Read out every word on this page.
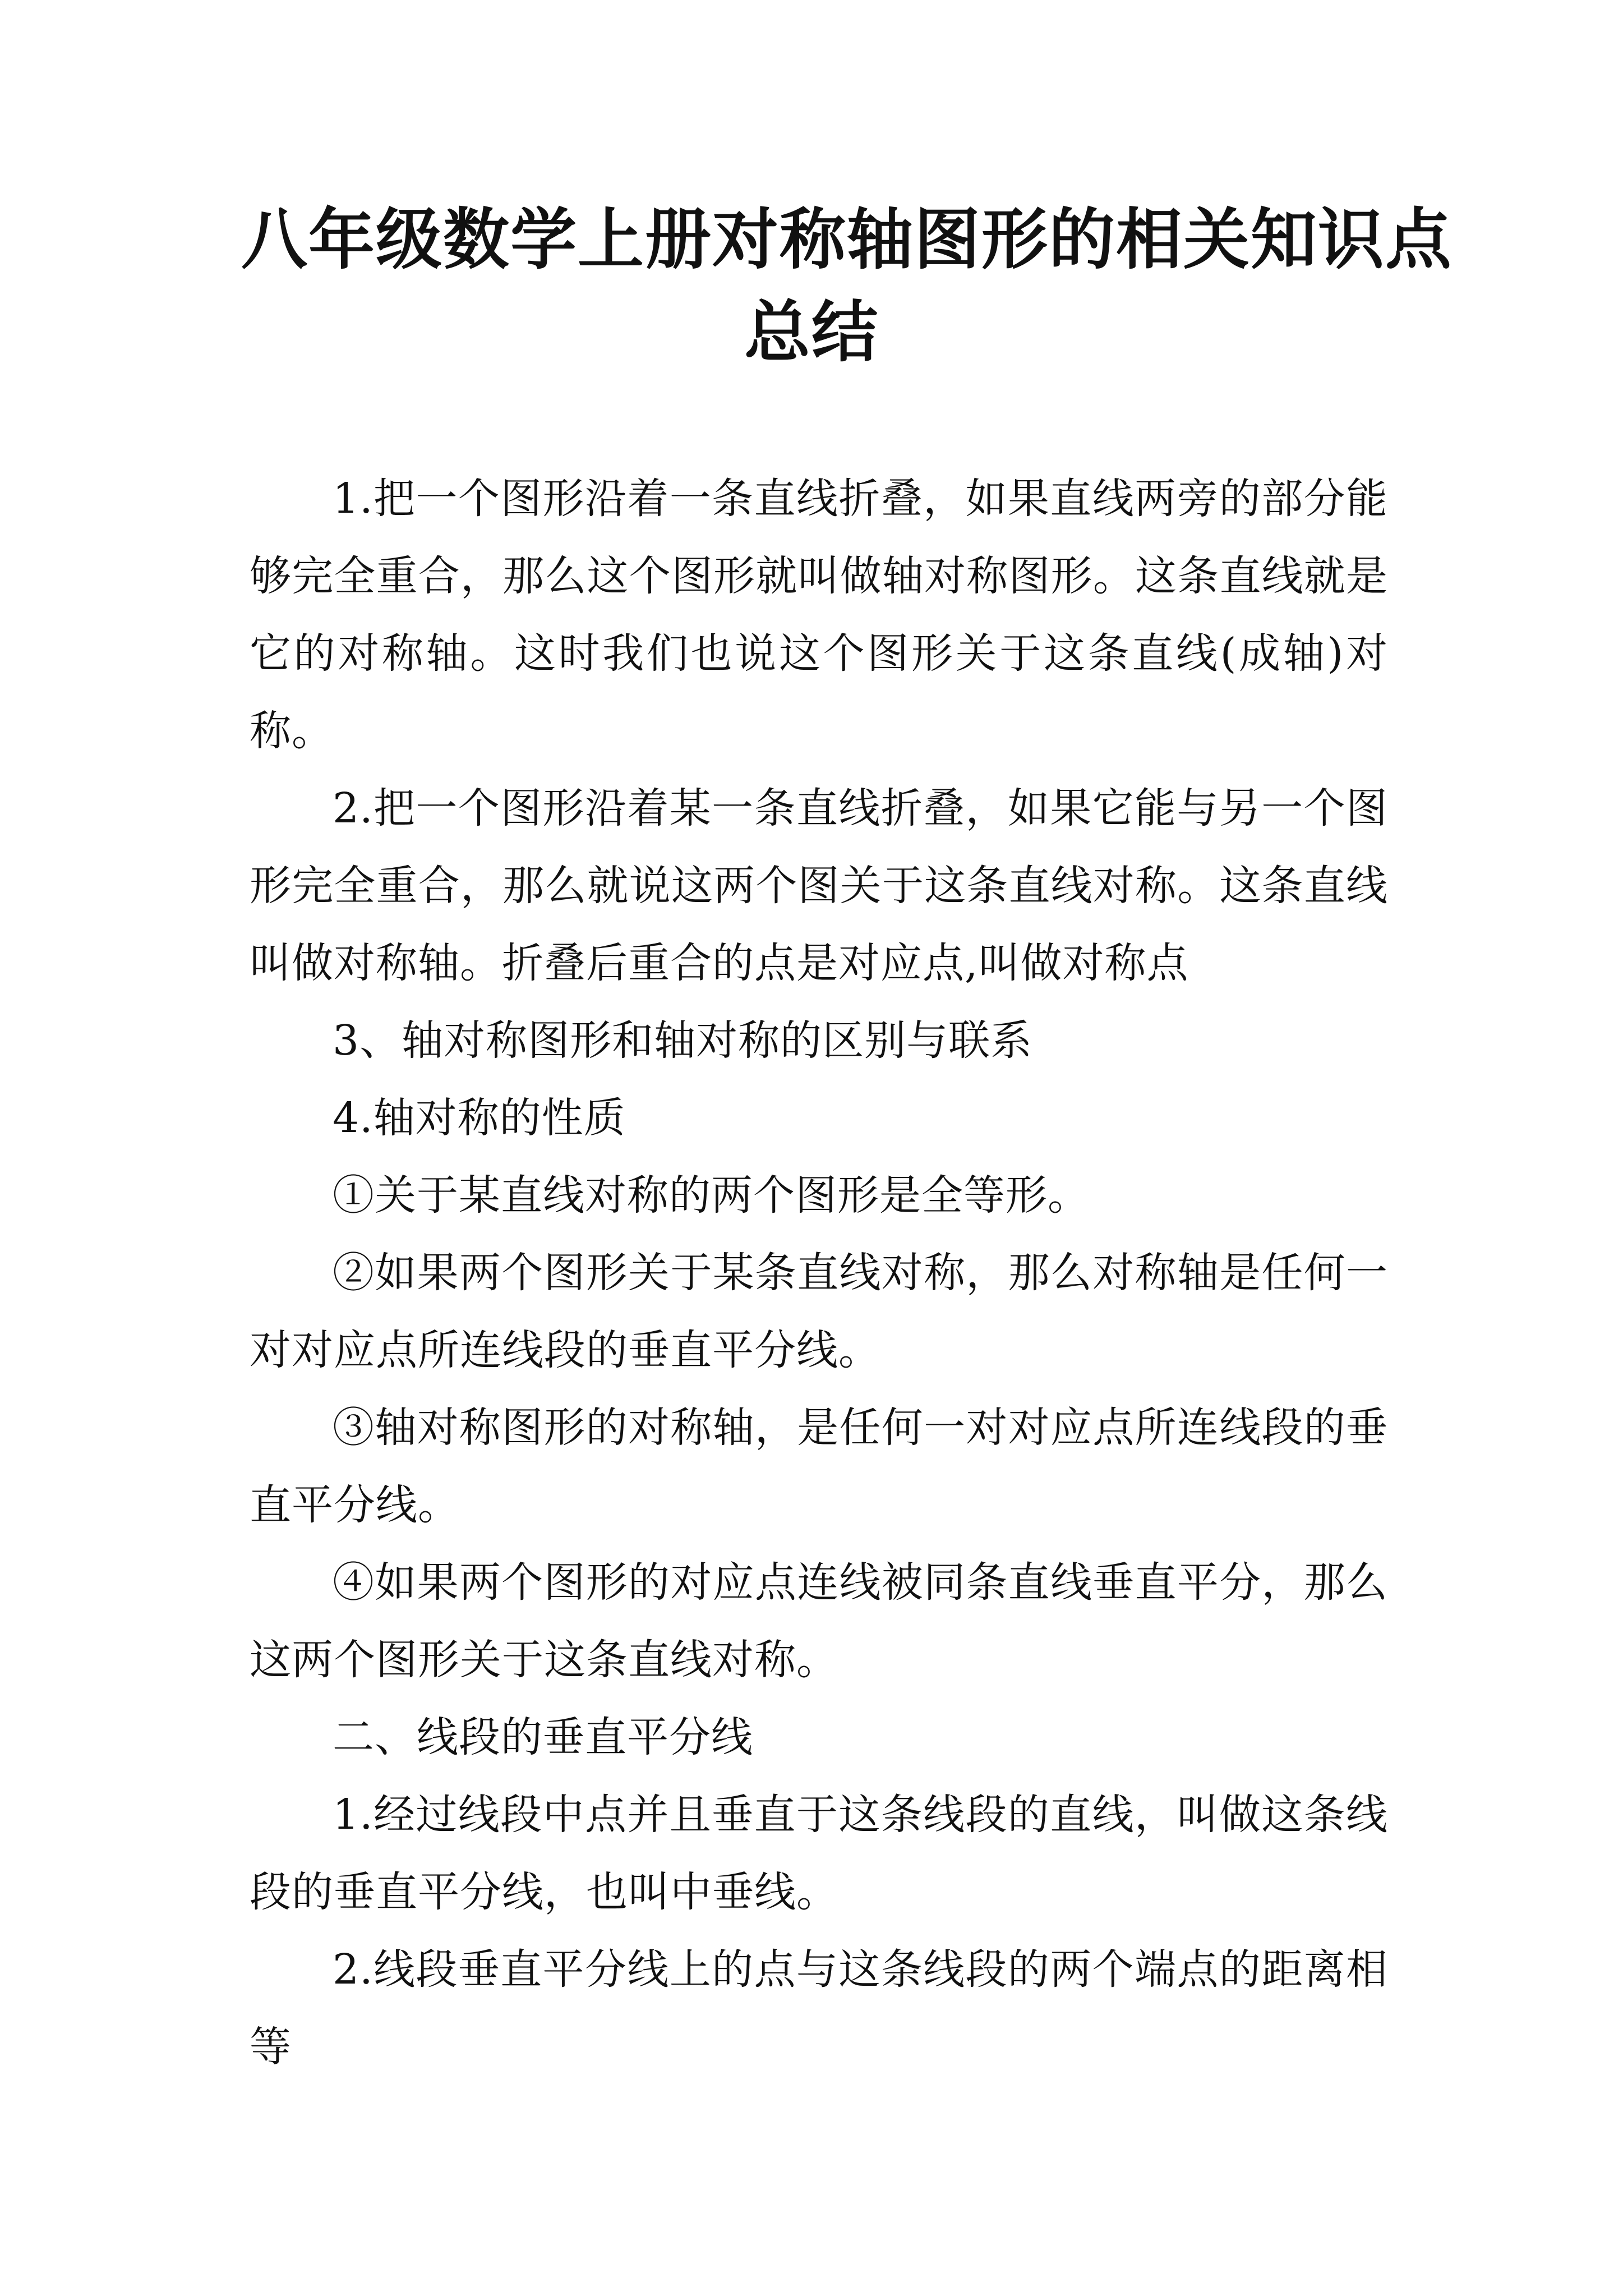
八年级数学上册对称轴图形的相关知识点
总结

1.把一个图形沿着一条直线折叠，如果直线两旁的部分能够完全重合，那么这个图形就叫做轴对称图形。这条直线就是它的对称轴。这时我们也说这个图形关于这条直线(成轴)对称。

2.把一个图形沿着某一条直线折叠，如果它能与另一个图形完全重合，那么就说这两个图关于这条直线对称。这条直线叫做对称轴。折叠后重合的点是对应点,叫做对称点

3、轴对称图形和轴对称的区别与联系

4.轴对称的性质

①关于某直线对称的两个图形是全等形。

②如果两个图形关于某条直线对称，那么对称轴是任何一对对应点所连线段的垂直平分线。

③轴对称图形的对称轴，是任何一对对应点所连线段的垂直平分线。

④如果两个图形的对应点连线被同条直线垂直平分，那么这两个图形关于这条直线对称。

二、线段的垂直平分线

1.经过线段中点并且垂直于这条线段的直线，叫做这条线段的垂直平分线，也叫中垂线。

2.线段垂直平分线上的点与这条线段的两个端点的距离相等
